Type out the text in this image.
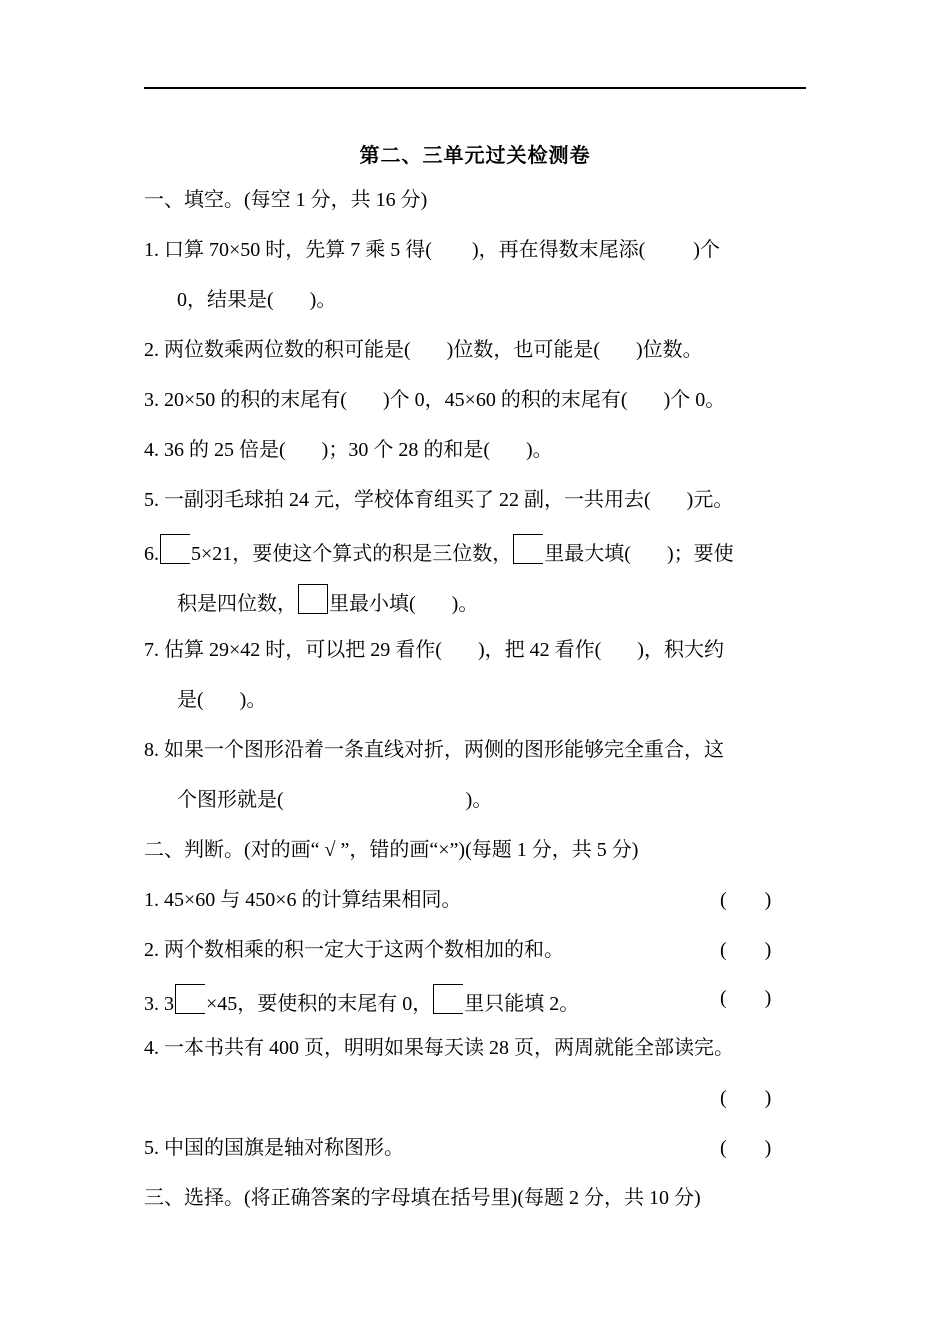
第二、三单元过关检测卷
一、填空。(每空 1 分，共 16 分)
1. 口算 70×50 时，先算 7 乘 5 得( )，再在得数末尾添( )个
0，结果是( )。
2. 两位数乘两位数的积可能是( )位数，也可能是( )位数。
3. 20×50 的积的末尾有( )个 0，45×60 的积的末尾有( )个 0。
4. 36 的 25 倍是( )；30 个 28 的和是( )。
5. 一副羽毛球拍 24 元，学校体育组买了 22 副，一共用去( )元。
6. 5×21，要使这个算式的积是三位数， 里最大填( )；要使
积是四位数， 里最小填( )。
7. 估算 29×42 时，可以把 29 看作( )，把 42 看作( )，积大约
是( )。
8. 如果一个图形沿着一条直线对折，两侧的图形能够完全重合，这
个图形就是(	)。
二、判断。(对的画“ √ ”，错的画“×”)(每题 1 分，共 5 分)
1. 45×60 与 450×6 的计算结果相同。	( )
2. 两个数相乘的积一定大于这两个数相加的和。	( )
3. 3 ×45，要使积的末尾有 0， 里只能填 2。	( )
4. 一本书共有 400 页，明明如果每天读 28 页，两周就能全部读完。
( )
5. 中国的国旗是轴对称图形。	( )
三、选择。(将正确答案的字母填在括号里)(每题 2 分，共 10 分)
